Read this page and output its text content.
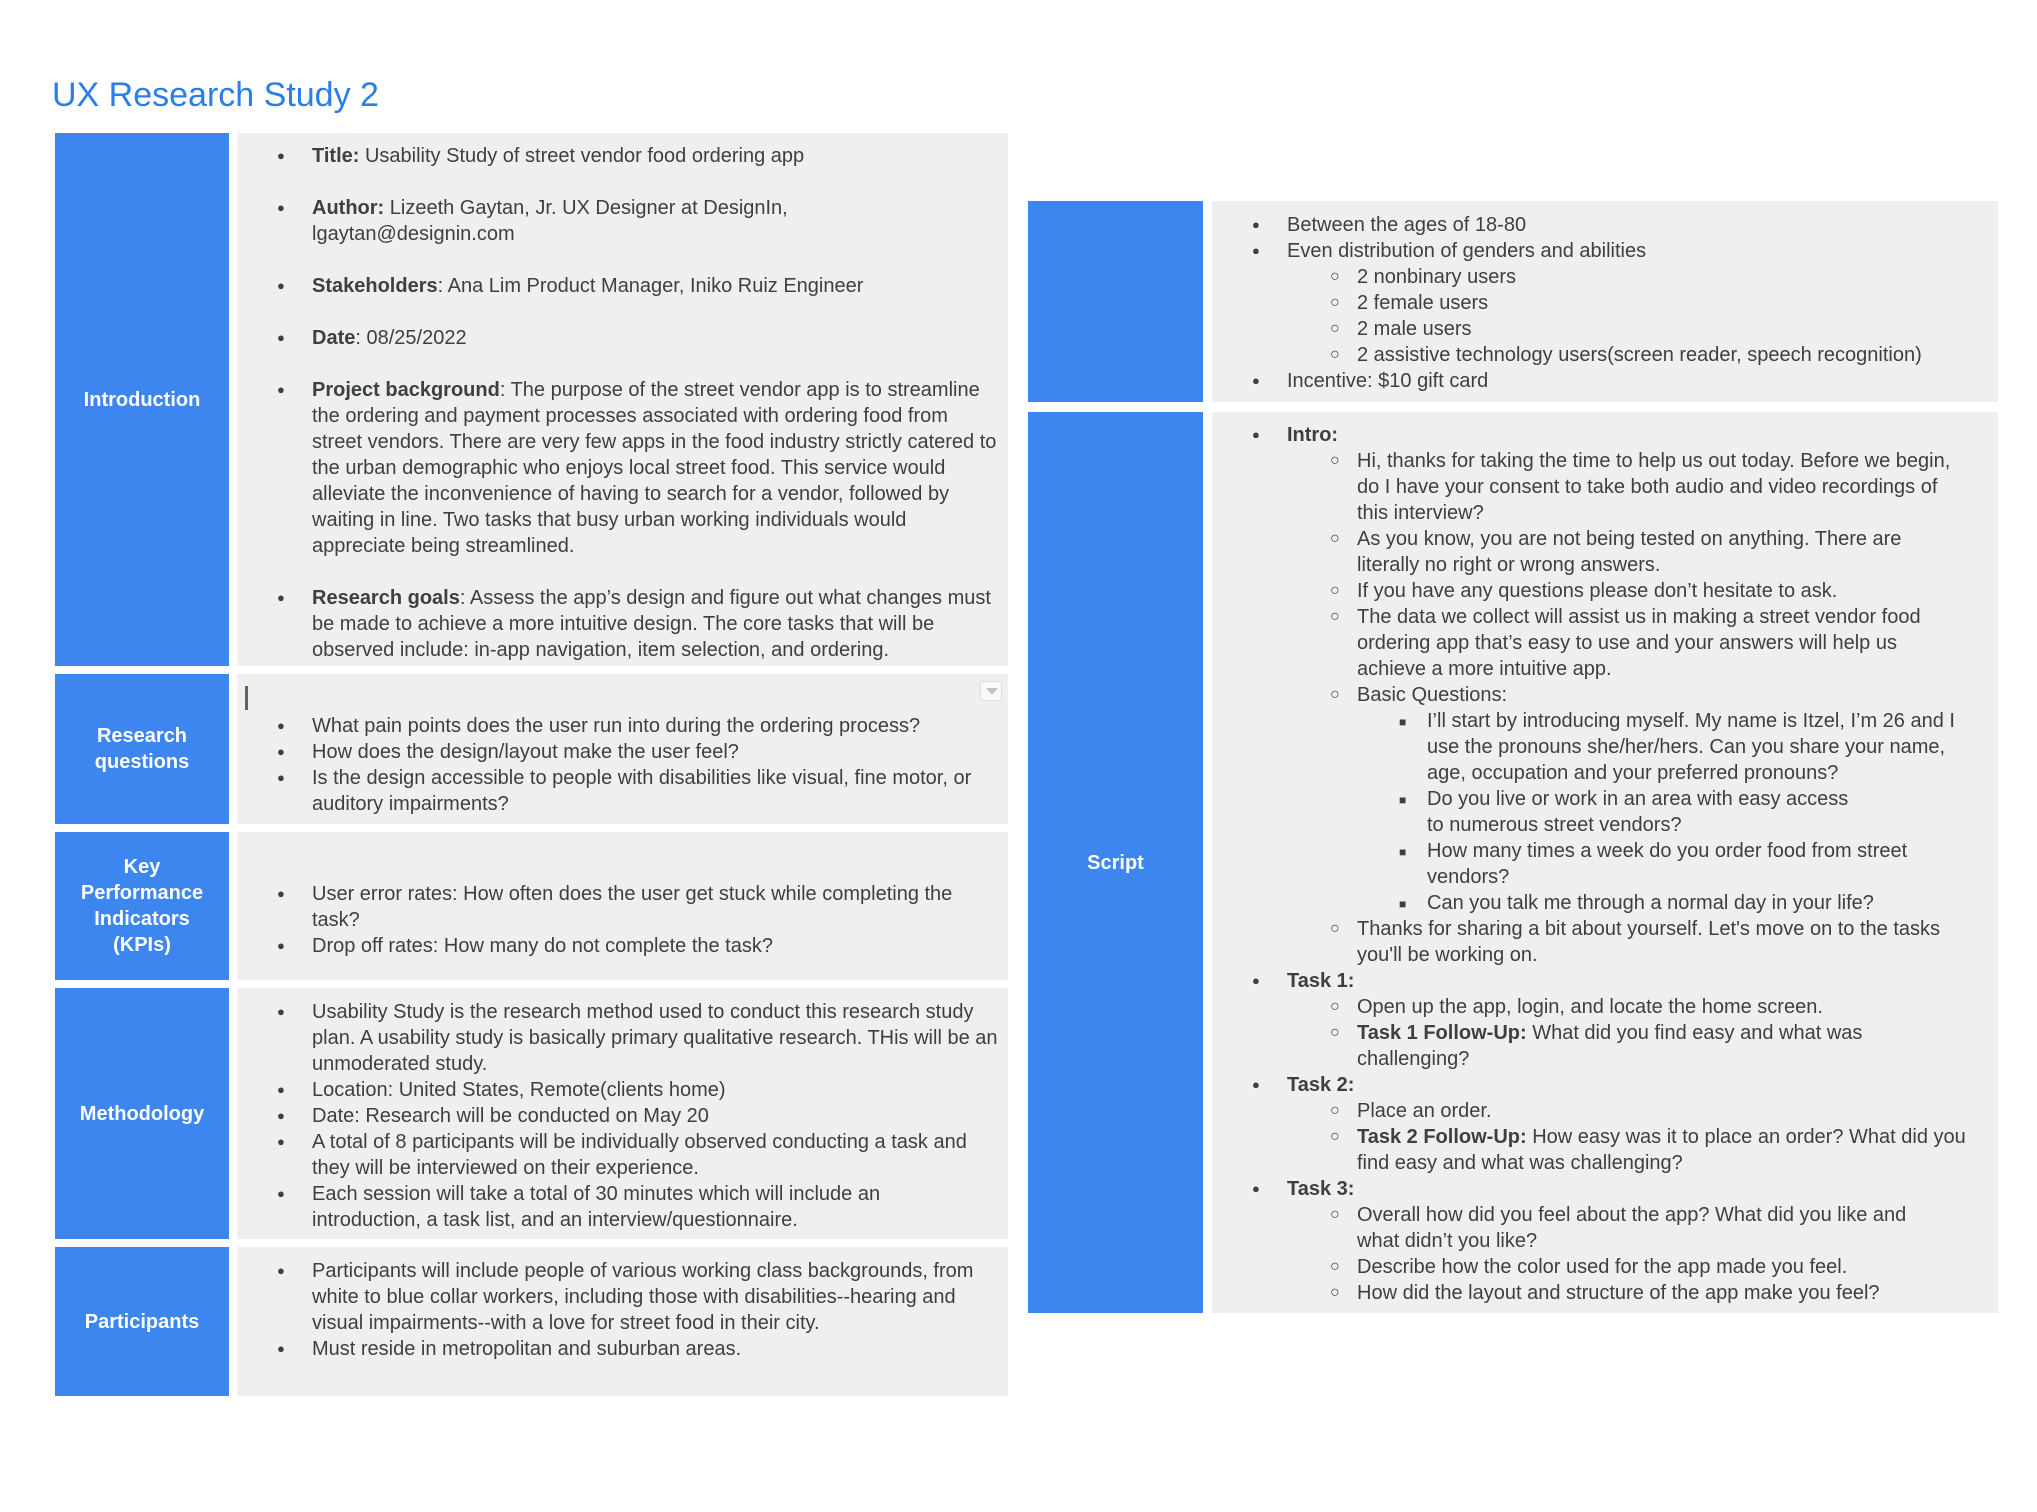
UX Research Study 2
Introduction
● Title: Usability Study of street vendor food ordering app
● Author: Lizeeth Gaytan, Jr. UX Designer at DesignIn, lgaytan@designin.com
● Stakeholders: Ana Lim Product Manager, Iniko Ruiz Engineer
● Date: 08/25/2022
● Project background: The purpose of the street vendor app is to streamline the ordering and payment processes associated with ordering food from street vendors. There are very few apps in the food industry strictly catered to the urban demographic who enjoys local street food. This service would alleviate the inconvenience of having to search for a vendor, followed by waiting in line. Two tasks that busy urban working individuals would appreciate being streamlined.
● Research goals: Assess the app’s design and figure out what changes must be made to achieve a more intuitive design. The core tasks that will be observed include: in-app navigation, item selection, and ordering.
Research questions
● What pain points does the user run into during the ordering process?
● How does the design/layout make the user feel?
● Is the design accessible to people with disabilities like visual, fine motor, or auditory impairments?
Key Performance Indicators (KPIs)
● User error rates: How often does the user get stuck while completing the task?
● Drop off rates: How many do not complete the task?
Methodology
● Usability Study is the research method used to conduct this research study plan. A usability study is basically primary qualitative research. THis will be an unmoderated study.
● Location: United States, Remote(clients home)
● Date: Research will be conducted on May 20
● A total of 8 participants will be individually observed conducting a task and they will be interviewed on their experience.
● Each session will take a total of 30 minutes which will include an introduction, a task list, and an interview/questionnaire.
Participants
● Participants will include people of various working class backgrounds, from white to blue collar workers, including those with disabilities--hearing and visual impairments--with a love for street food in their city.
● Must reside in metropolitan and suburban areas.
● Between the ages of 18-80
● Even distribution of genders and abilities
○ 2 nonbinary users
○ 2 female users
○ 2 male users
○ 2 assistive technology users(screen reader, speech recognition)
● Incentive: $10 gift card
Script
● Intro:
○ Hi, thanks for taking the time to help us out today. Before we begin, do I have your consent to take both audio and video recordings of this interview?
○ As you know, you are not being tested on anything. There are literally no right or wrong answers.
○ If you have any questions please don’t hesitate to ask.
○ The data we collect will assist us in making a street vendor food ordering app that’s easy to use and your answers will help us achieve a more intuitive app.
○ Basic Questions:
■ I’ll start by introducing myself. My name is Itzel, I’m 26 and I use the pronouns she/her/hers. Can you share your name, age, occupation and your preferred pronouns?
■ Do you live or work in an area with easy access to numerous street vendors?
■ How many times a week do you order food from street vendors?
■ Can you talk me through a normal day in your life?
○ Thanks for sharing a bit about yourself. Let's move on to the tasks you'll be working on.
● Task 1:
○ Open up the app, login, and locate the home screen.
○ Task 1 Follow-Up: What did you find easy and what was challenging?
● Task 2:
○ Place an order.
○ Task 2 Follow-Up: How easy was it to place an order? What did you find easy and what was challenging?
● Task 3:
○ Overall how did you feel about the app? What did you like and what didn’t you like?
○ Describe how the color used for the app made you feel.
○ How did the layout and structure of the app make you feel?
